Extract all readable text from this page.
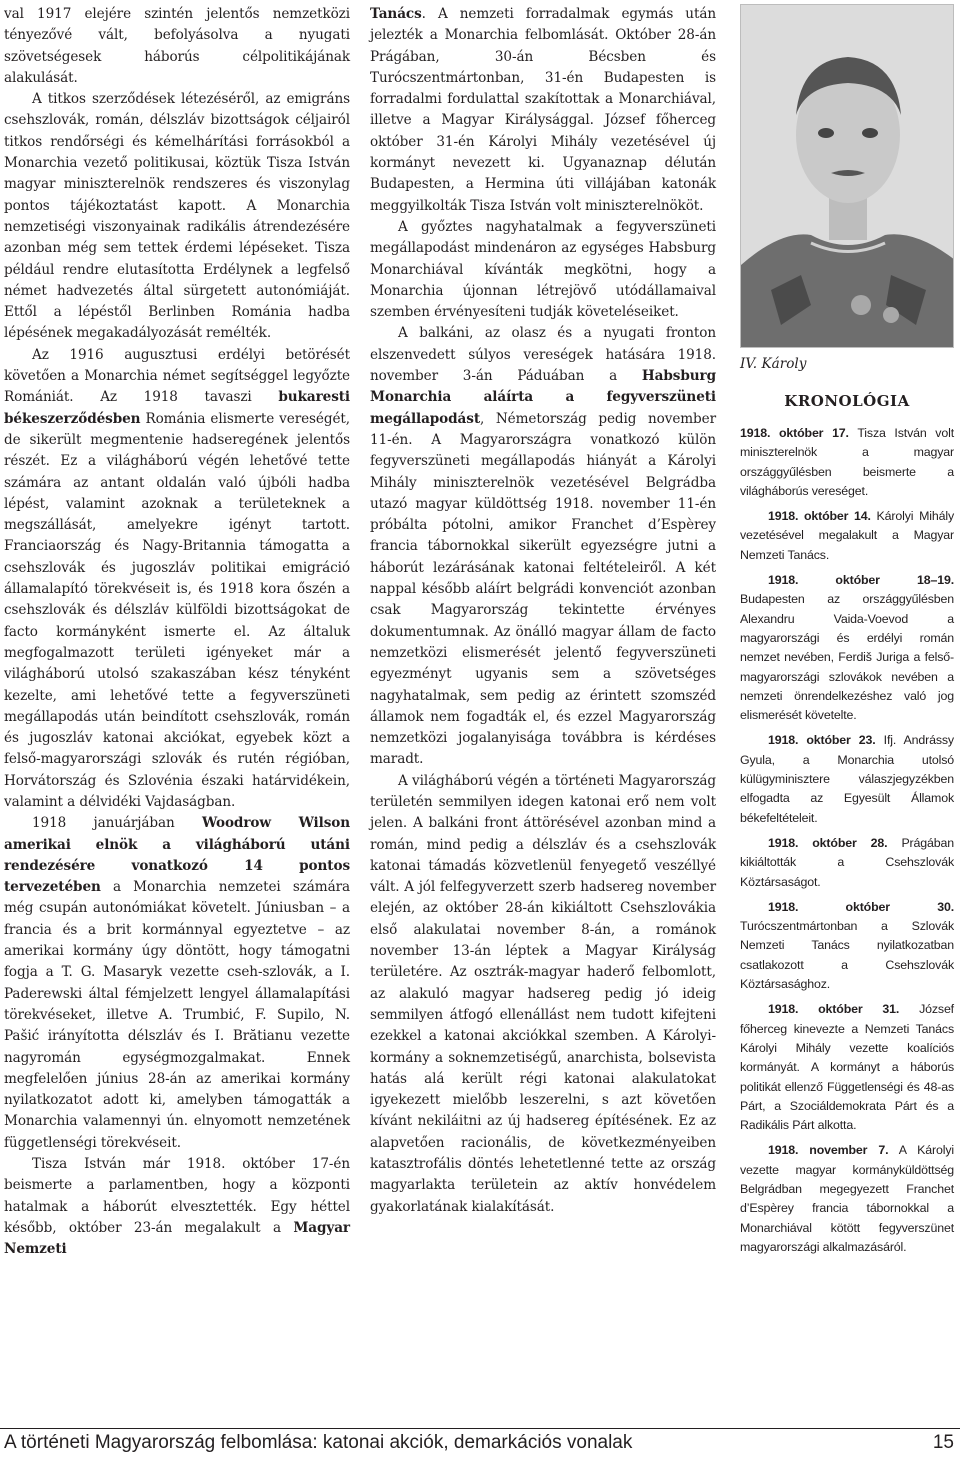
val 1917 elejére szintén jelentős nemzetközi tényezővé vált, befolyásolva a nyugati szövetségesek háborús célpolitikájának alakulását.

A titkos szerződések létezéséről, az emigráns csehszlovák, román, délszláv bizottságok céljairól titkos rendőrségi és kémelhárítási forrásokból a Monarchia vezető politikusai, köztük Tisza István magyar miniszterelnök rendszeres és viszonylag pontos tájékoztatást kapott. A Monarchia nemzetiségi viszonyainak radikális átrendezésére azonban még sem tettek érdemi lépéseket. Tisza például rendre elutasította Erdélynek a legfelső német hadvezetés által sürgetett autonómiáját. Ettől a lépéstől Berlinben Románia hadba lépésének megakadályozását remélték.

Az 1916 augusztusi erdélyi betörését követően a Monarchia német segítséggel legyőzte Romániát. Az 1918 tavaszi bukaresti békeszerződésben Románia elismerte vereségét, de sikerült megmentenie hadseregének jelentős részét. Ez a világháború végén lehetővé tette számára az antant oldalán való újbóli hadba lépést, valamint azoknak a területeknek a megszállását, amelyekre igényt tartott. Franciaország és Nagy-Britannia támogatta a csehszlovák és jugoszláv politikai emigráció államalapító törekvéseit is, és 1918 kora őszén a csehszlovák és délszláv külföldi bizottságokat de facto kormányként ismerte el. Az általuk megfogalmazott területi igényeket már a világháború utolsó szakaszában kész tényként kezelte, ami lehetővé tette a fegyverszüneti megállapodás után beindított csehszlovák, román és jugoszláv katonai akciókat, egyebek közt a felső-magyarországi szlovák és rutén régióban, Horvátország és Szlovénia északi határvidékein, valamint a délvidéki Vajdaságban.

1918 januárjában Woodrow Wilson amerikai elnök a világháború utáni rendezésére vonatkozó 14 pontos tervezetében a Monarchia nemzetei számára még csupán autonómiákat követelt. Júniusban – a francia és a brit kormánnyal egyeztetve – az amerikai kormány úgy döntött, hogy támogatni fogja a T. G. Masaryk vezette cseh-szlovák, a I. Paderewski által fémjelzett lengyel államalapítási törekvéseket, illetve A. Trumbić, F. Supilo, N. Pašić irányította délszláv és I. Brătianu vezette nagyromán egységmozgalmakat. Ennek megfelelően június 28-án az amerikai kormány nyilatkozatot adott ki, amelyben támogatták a Monarchia valamennyi ún. elnyomott nemzetének függetlenségi törekvéseit.

Tisza István már 1918. október 17-én beismerte a parlamentben, hogy a központi hatalmak a háborút elvesztették. Egy héttel később, október 23-án megalakult a Magyar Nemzeti

Tanács. A nemzeti forradalmak egymás után jelezték a Monarchia felbomlását. Október 28-án Prágában, 30-án Bécsben és Turócszentmártonban, 31-én Budapesten is forradalmi fordulattal szakítottak a Monarchiával, illetve a Magyar Királysággal. József főherceg október 31-én Károlyi Mihály vezetésével új kormányt nevezett ki. Ugyanaznap délután Budapesten, a Hermina úti villájában katonák meggyilkolták Tisza István volt miniszterelnököt.

A győztes nagyhatalmak a fegyverszüneti megállapodást mindenáron az egységes Habsburg Monarchiával kívánták megkötni, hogy a Monarchia újonnan létrejövő utódállamaival szemben érvényesíteni tudják követeléseiket.

A balkáni, az olasz és a nyugati fronton elszenvedett súlyos vereségek hatására 1918. november 3-án Páduában a Habsburg Monarchia aláírta a fegyverszüneti megállapodást, Németország pedig november 11-én. A Magyarországra vonatkozó külön fegyverszüneti megállapodás hiányát a Károlyi Mihály miniszterelnök vezetésével Belgrádba utazó magyar küldöttség 1918. november 11-én próbálta pótolni, amikor Franchet d’Espèrey francia tábornokkal sikerült egyezségre jutni a háborút lezárásának katonai feltételeiről. A két nappal később aláírt belgrádi konvenciót azonban csak Magyarország tekintette érvényes dokumentumnak. Az önálló magyar állam de facto nemzetközi elismerését jelentő fegyverszüneti egyezményt ugyanis sem a szövetséges nagyhatalmak, sem pedig az érintett szomszéd államok nem fogadták el, és ezzel Magyarország nemzetközi jogalanyisága továbbra is kérdéses maradt.

A világháború végén a történeti Magyarország területén semmilyen idegen katonai erő nem volt jelen. A balkáni front áttörésével azonban mind a román, mind pedig a délszláv és a csehszlovák katonai támadás közvetlenül fenyegető veszéllyé vált. A jól felfegyverzett szerb hadsereg november elején, az október 28-án kikiáltott Csehszlovákia első alakulatai november 8-án, a románok november 13-án léptek a Magyar Királyság területére. Az osztrák-magyar haderő felbomlott, az alakuló magyar hadsereg pedig jó ideig semmilyen átfogó ellenállást nem tudott kifejteni ezekkel a katonai akciókkal szemben. A Károlyi-kormány a soknemzetiségű, anarchista, bolsevista hatás alá került régi katonai alakulatokat igyekezett mielőbb leszerelni, s azt követően kívánt nekiláitni az új hadsereg építésének. Ez az alapvetően racionális, de következményeiben katasztrofális döntés lehetetlenné tette az ország magyarlakta területein az aktív honvédelem gyakorlatának kialakítását.

IV. Károly
KRONOLÓGIA

1918. október 17. Tisza István volt miniszterelnök a magyar országgyűlésben beismerte a világháborús vereséget.

1918. október 14. Károlyi Mihály vezetésével megalakult a Magyar Nemzeti Tanács.

1918. október 18–19. Budapesten az országgyűlésben Alexandru Vaida-Voevod a magyarországi és erdélyi román nemzet nevében, Ferdiš Juriga a felső-magyarországi szlovákok nevében a nemzeti önrendelkezéshez való jog elismerését követelte.

1918. október 23. Ifj. Andrássy Gyula, a Monarchia utolsó külügyminisztere válaszjegyzékben elfogadta az Egyesült Államok békefeltételeit.

1918. október 28. Prágában kikiáltották a Csehszlovák Köztársaságot.

1918. október 30. Turócszentmártonban a Szlovák Nemzeti Tanács nyilatkozatban csatlakozott a Csehszlovák Köztársasághoz.

1918. október 31. József főherceg kinevezte a Nemzeti Tanács Károlyi Mihály vezette koalíciós kormányát. A kormányt a háborús politikát ellenző Függetlenségi és 48-as Párt, a Szociáldemokrata Párt és a Radikális Párt alkotta.

1918. november 7. A Károlyi vezette magyar kormányküldöttség Belgrádban megegyezett Franchet d’Espèrey francia tábornokkal a Monarchiával kötött fegyverszünet magyarországi alkalmazásáról.

A történeti Magyarország felbomlása: katonai akciók, demarkációs vonalak	15
